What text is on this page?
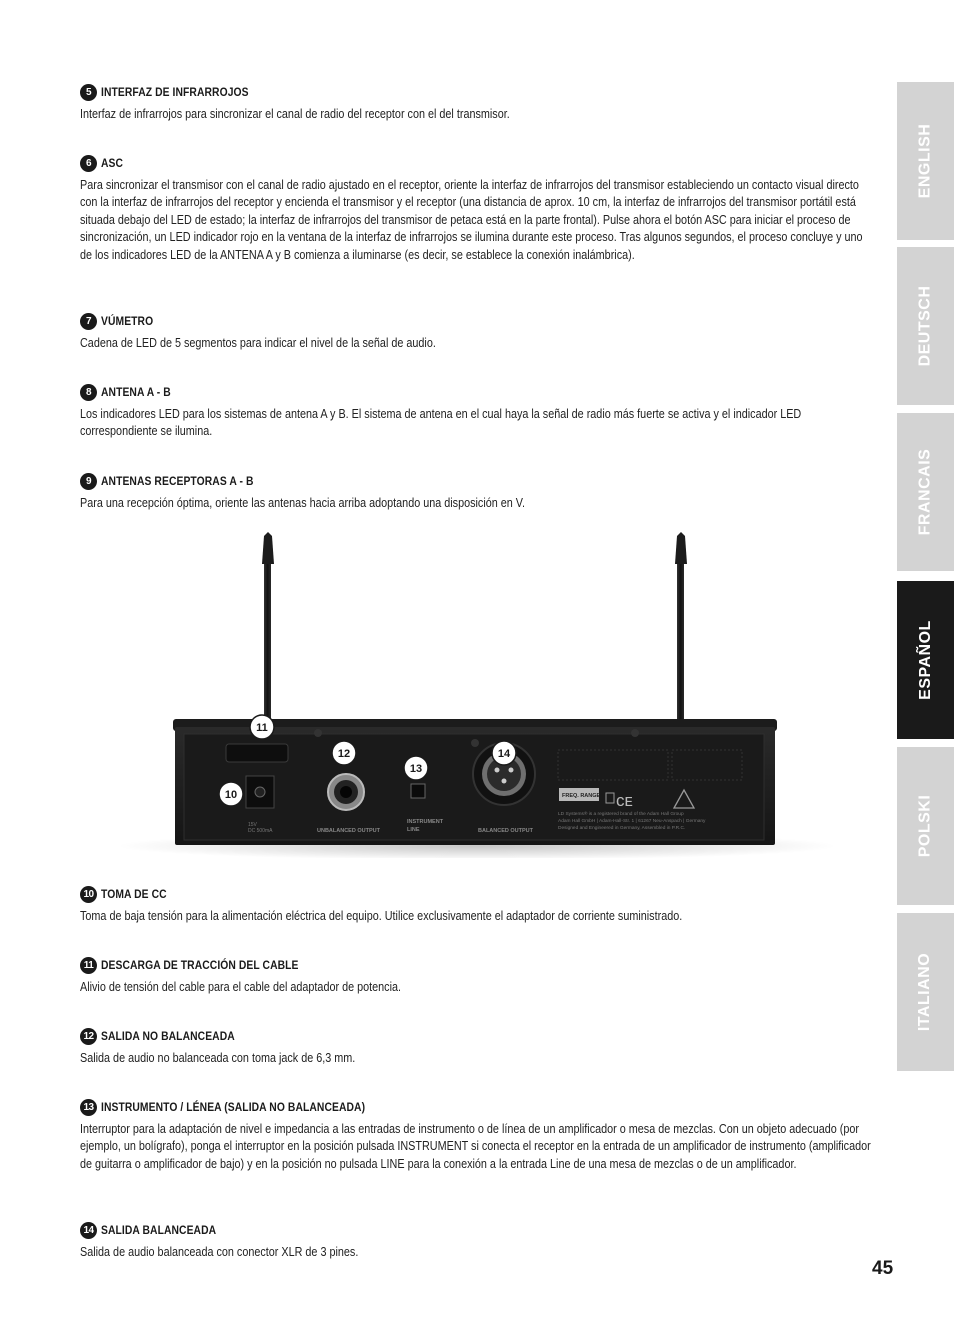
5 INTERFAZ DE INFRARROJOS
Interfaz de infrarrojos para sincronizar el canal de radio del receptor con el del transmisor.
6 ASC
Para sincronizar el transmisor con el canal de radio ajustado en el receptor, oriente la interfaz de infrarrojos del transmisor estableciendo un contacto visual directo con la interfaz de infrarrojos del receptor y encienda el transmisor y el receptor (una distancia de aprox. 10 cm, la interfaz de infrarrojos del transmisor portátil está situada debajo del LED de estado; la interfaz de infrarrojos del transmisor de petaca está en la parte frontal). Pulse ahora el botón ASC para iniciar el proceso de sincronización, un LED indicador rojo en la ventana de la interfaz de infrarrojos se ilumina durante este proceso. Tras algunos segundos, el proceso concluye y uno de los indicadores LED de la ANTENA A y B comienza a iluminarse (es decir, se establece la conexión inalámbrica).
7 VÚMETRO
Cadena de LED de 5 segmentos para indicar el nivel de la señal de audio.
8 ANTENA A - B
Los indicadores LED para los sistemas de antena A y B. El sistema de antena en el cual haya la señal de radio más fuerte se activa y el indicador LED correspondiente se ilumina.
9 ANTENAS RECEPTORAS A - B
Para una recepción óptima, oriente las antenas hacia arriba adoptando una disposición en V.
10 TOMA DE CC
Toma de baja tensión para la alimentación eléctrica del equipo. Utilice exclusivamente el adaptador de corriente suministrado.
11 DESCARGA DE TRACCIÓN DEL CABLE
Alivio de tensión del cable para el cable del adaptador de potencia.
12 SALIDA NO BALANCEADA
Salida de audio no balanceada con toma jack de 6,3 mm.
13 INSTRUMENTO / LÉNEA (SALIDA NO BALANCEADA)
Interruptor para la adaptación de nivel e impedancia a las entradas de instrumento o de línea de un amplificador o mesa de mezclas. Con un objeto adecuado (por ejemplo, un bolígrafo), ponga el interruptor en la posición pulsada INSTRUMENT si conecta el receptor en la entrada de un amplificador de instrumento (amplificador de guitarra o amplificador de bajo) y en la posición no pulsada LINE para la conexión a la entrada Line de una mesa de mezclas o de un amplificador.
14 SALIDA BALANCEADA
Salida de audio balanceada con conector XLR de 3 pines.
15V
DC 500mA	UNBALANCED OUTPUT
INSTRUMENT
LINE	BALANCED OUTPUT
FREQ. RANGE ᴄᴇ
LD Systems® is a registered brand of the Adam Hall Group
Adam Hall GmbH | Adam-Hall-Str. 1 | 61267 Neu-Anspach | Germany
Designed and Engineered in Germany, Assembled in P.R.C.
11
12
13
14
10
ENGLISH
DEUTSCH
FRANCAIS
ESPAÑOL
POLSKI
ITALIANO
45
